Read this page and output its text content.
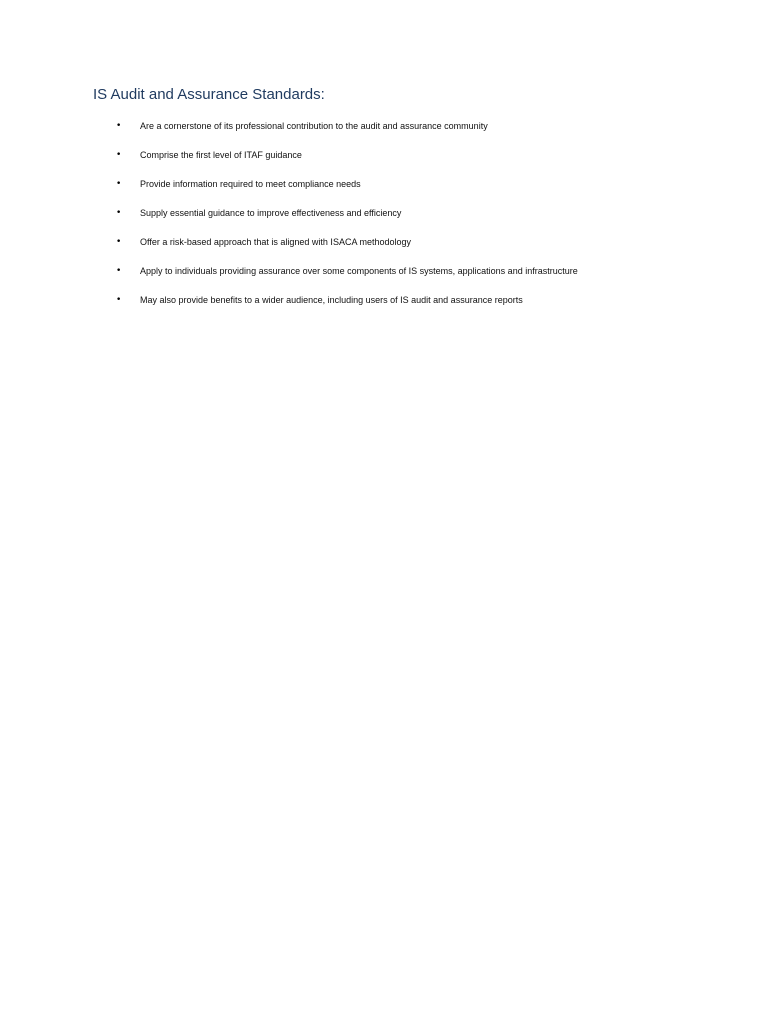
IS Audit and Assurance Standards:
• Are a cornerstone of its professional contribution to the audit and assurance community
• Comprise the first level of ITAF guidance
• Provide information required to meet compliance needs
• Supply essential guidance to improve effectiveness and efficiency
• Offer a risk-based approach that is aligned with ISACA methodology
• Apply to individuals providing assurance over some components of IS systems, applications and infrastructure
• May also provide benefits to a wider audience, including users of IS audit and assurance reports
